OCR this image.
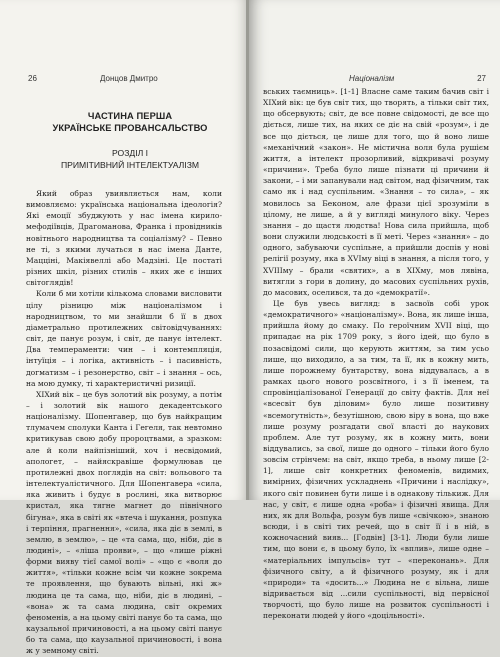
26	Донцов Дмитро
ЧАСТИНА ПЕРША
УКРАЇНСЬКЕ ПРОВАНСАЛЬСТВО
РОЗДІЛ І
ПРИМІТИВНИЙ ІНТЕЛЕКТУАЛІЗМ

Який образ увиявляється нам, коли вимовляємо: українська національна ідеологія? Які емоції збуджують у нас імена кирило-мефодіївців, Драгоманова, Франка і провідників новітнього народництва та соціалізму? – Певно не ті, з якими лучаться в нас імена Данте, Мацціні, Макіявеллі або Мадзіні. Це постаті різних шкіл, різних стилів – яких же є інших світоглядів!

Коли б ми хотіли кількома словами висловити цілу різницю між націоналізмом і народництвом, то ми знайшли б її в двох діаметрально протилежних світовідчуваннях: світ, де панує розум, і світ, де панує інтелект. Два темпераменти: чин – і контемпляція, інтуїція – і логіка, активність – і пасивність, догматизм – і резонерство, світ – і знання – ось, на мою думку, ті характеристичні ризиції.

ХІХий вік – це був золотий вік розуму, а потім – і золотий вік нашого декадентського націоналізму. Шопенгавер, що був найкращим тлумачем сполуки Канта і Гегеля, так невтомно критикував свою добу пророцтвами, а зразком: але й коли найпізніший, хоч і несвідомий, апологет, – найяскравіше формулював це протилежні двох поглядів на світ: вольового та інтелектуалістичного. Для Шопенгавера «сила, яка живить і будує в рослині, яка витворює кристал, яка тягне магнет до північного бігуна», яка в світі як «втеча і шукання, розпука і терпіння, прагнення», «сила, яка діє в землі, в землю, в землю», – це «та сама, що, ніби, діє в людині», – «ліша прояви», – що «лише ріжні форми вияву тієї самої волі» – «що є «воля до життя», «тільки кожне всім чи кожне зокрема те проявлення, що бувають вільні, які ж» людина це та сама, що, ніби, діє в людині, – «вона» ж та сама людина, світ окремих феноменів, а на цьому світі панує бо та сама, що каузальної причиновості, а на цьому світі панує бо та сама, що каузальної причиновості, і вона ж у земному світі.

Націоналізм	27

вських таємниць». [1-1] Власне саме таким бачив світ і ХІХий вік: це був світ тих, що творять, а тільки світ тих, що обсервують; світ, де все повне свідомості, де все що діється, лише тих, на яких се діє на свій «розум», і де все що діється, це лише для того, що й воно лише «механічний «закон». Не містична воля була рушієм життя, а інтелект прозорливий, відкривачі розуму «причини». Треба було лише пізнати ці причини й закони, – і ми запанували над світом, над фізичним, так само як і над суспільним. «Знання – то сила», – як мовилось за Беконом, але фрази цієї зрозуміли в цілому, не лише, а й у вигляді минулого віку. Через знання – до щастя людства! Нова сила прийшла, щоб вони служили людськості в її меті. Через «знання» – до одного, забуваючи суспільне, а прийшли доспів у нові релігії розуму, яка в ХVІму віці в знання, а після того, у ХVІІІму – брали «святих», а в ХІХму, мов лявіна, витягли з гори в долину, до масових суспільних рухів, до масових, оселився, та до «демократії».

Це був увесь вигляд: в засвоїв собі урок «демократичного» «націоналізму». Вона, як лише інша, прийшла йому до смаку. По героїчним ХVІІ віці, що припадає на рік 1709 року, з його ідей, що було в позасвідомі сили, що керують життям, за тим усьо лише, що виходило, а за тим, та її, як в кожну мить, лише порожнему бунтарству, вона віддувалась, а в рамках цього нового розсвітного, і з її іменем, та спровінціалізованої Генерації до світу фактів. Для неї «всесвіт був діловим» було лише позитивну «всемогутність», безутішною, свою віру в вона, що вже лише розуму розгадати свої власті до наукових проблем. Але тут розуму, як в кожну мить, вони віддувались, за свої, лише до одного – тільки його було зовсім стрінчем: на світ, якщо треба, в ньому лише [2-1], лише світ конкретних феноменів, видимих, вимірних, фізичних ускладнень «Причини і наслідку», якого світ повинен бути лише і в однакову тількиж. Для нас, у світ, є лише одна «роба» і фізичні явища. Для них, як для Вольфа, розум був лише «свічкою», знаною всюди, і в світі тих речей, що в світ її і в ній, в кожночасний вияв... [Годвін] [3-1]. Люди були лише тим, що вони є, в цьому було, їх «вплив», лише одне – «матеріальних імпульсів» тут – «переконань». Для фізичного світу, а й фізичного розуму, як і для «природи» та «досить...» Людина не є вільна, лише відривається від ...сили суспільності, від первісної творчості, що було лише на розвиток суспільності і переконати людей у його «доцільності».
